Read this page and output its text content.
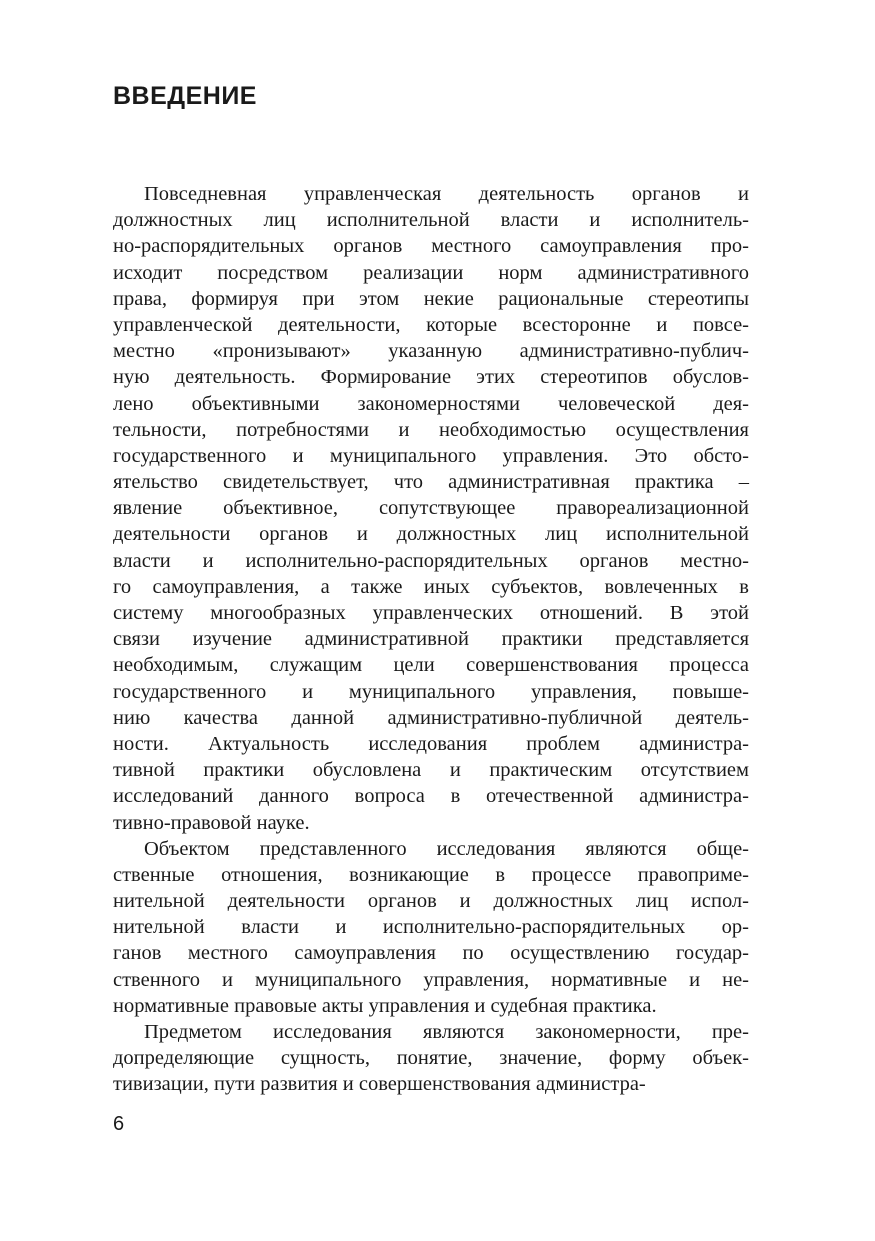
ВВЕДЕНИЕ
Повседневная управленческая деятельность органов и
должностных лиц исполнительной власти и исполнитель-
но-распорядительных органов местного самоуправления про-
исходит посредством реализации норм административного
права, формируя при этом некие рациональные стереотипы
управленческой деятельности, которые всесторонне и повсе-
местно «пронизывают» указанную административно-публич-
ную деятельность. Формирование этих стереотипов обуслов-
лено объективными закономерностями человеческой дея-
тельности, потребностями и необходимостью осуществления
государственного и муниципального управления. Это обсто-
ятельство свидетельствует, что административная практика –
явление объективное, сопутствующее правореализационной
деятельности органов и должностных лиц исполнительной
власти и исполнительно-распорядительных органов местно-
го самоуправления, а также иных субъектов, вовлеченных в
систему многообразных управленческих отношений. В этой
связи изучение административной практики представляется
необходимым, служащим цели совершенствования процесса
государственного и муниципального управления, повыше-
нию качества данной административно-публичной деятель-
ности. Актуальность исследования проблем администра-
тивной практики обусловлена и практическим отсутствием
исследований данного вопроса в отечественной администра-
тивно-правовой науке.
Объектом представленного исследования являются обще-
ственные отношения, возникающие в процессе правоприме-
нительной деятельности органов и должностных лиц испол-
нительной власти и исполнительно-распорядительных ор-
ганов местного самоуправления по осуществлению государ-
ственного и муниципального управления, нормативные и не-
нормативные правовые акты управления и судебная практика.
Предметом исследования являются закономерности, пре-
допределяющие сущность, понятие, значение, форму объек-
тивизации, пути развития и совершенствования администра-
6
